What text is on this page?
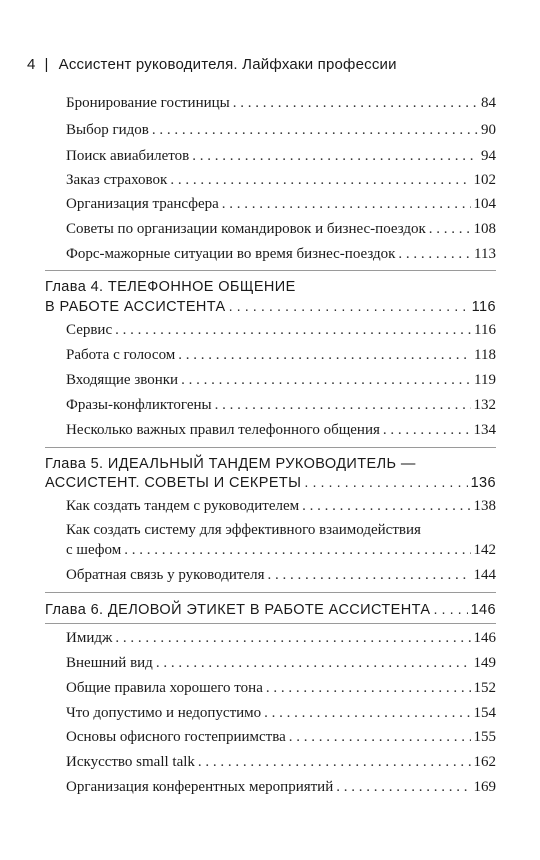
4 | Ассистент руководителя. Лайфхаки профессии
Бронирование гостиницы . . .	84
Выбор гидов . . .	90
Поиск авиабилетов . . .	94
Заказ страховок . . .	102
Организация трансфера . . .	104
Советы по организации командировок и бизнес-поездок . . .	108
Форс-мажорные ситуации во время бизнес-поездок . . .	113
Глава 4. ТЕЛЕФОННОЕ ОБЩЕНИЕ
В РАБОТЕ АССИСТЕНТА . . .	116
Сервис . . .	116
Работа с голосом . . .	118
Входящие звонки . . .	119
Фразы-конфликтогены . . .	132
Несколько важных правил телефонного общения . . .	134
Глава 5. ИДЕАЛЬНЫЙ ТАНДЕМ РУКОВОДИТЕЛЬ —
АССИСТЕНТ. СОВЕТЫ И СЕКРЕТЫ . . .	136
Как создать тандем с руководителем . . .	138
Как создать систему для эффективного взаимодействия
с шефом . . .	142
Обратная связь у руководителя . . .	144
Глава 6. ДЕЛОВОЙ ЭТИКЕТ В РАБОТЕ АССИСТЕНТА . . .	146
Имидж . . .	146
Внешний вид . . .	149
Общие правила хорошего тона . . .	152
Что допустимо и недопустимо . . .	154
Основы офисного гостеприимства . . .	155
Искусство small talk . . .	162
Организация конферентных мероприятий . . .	169
